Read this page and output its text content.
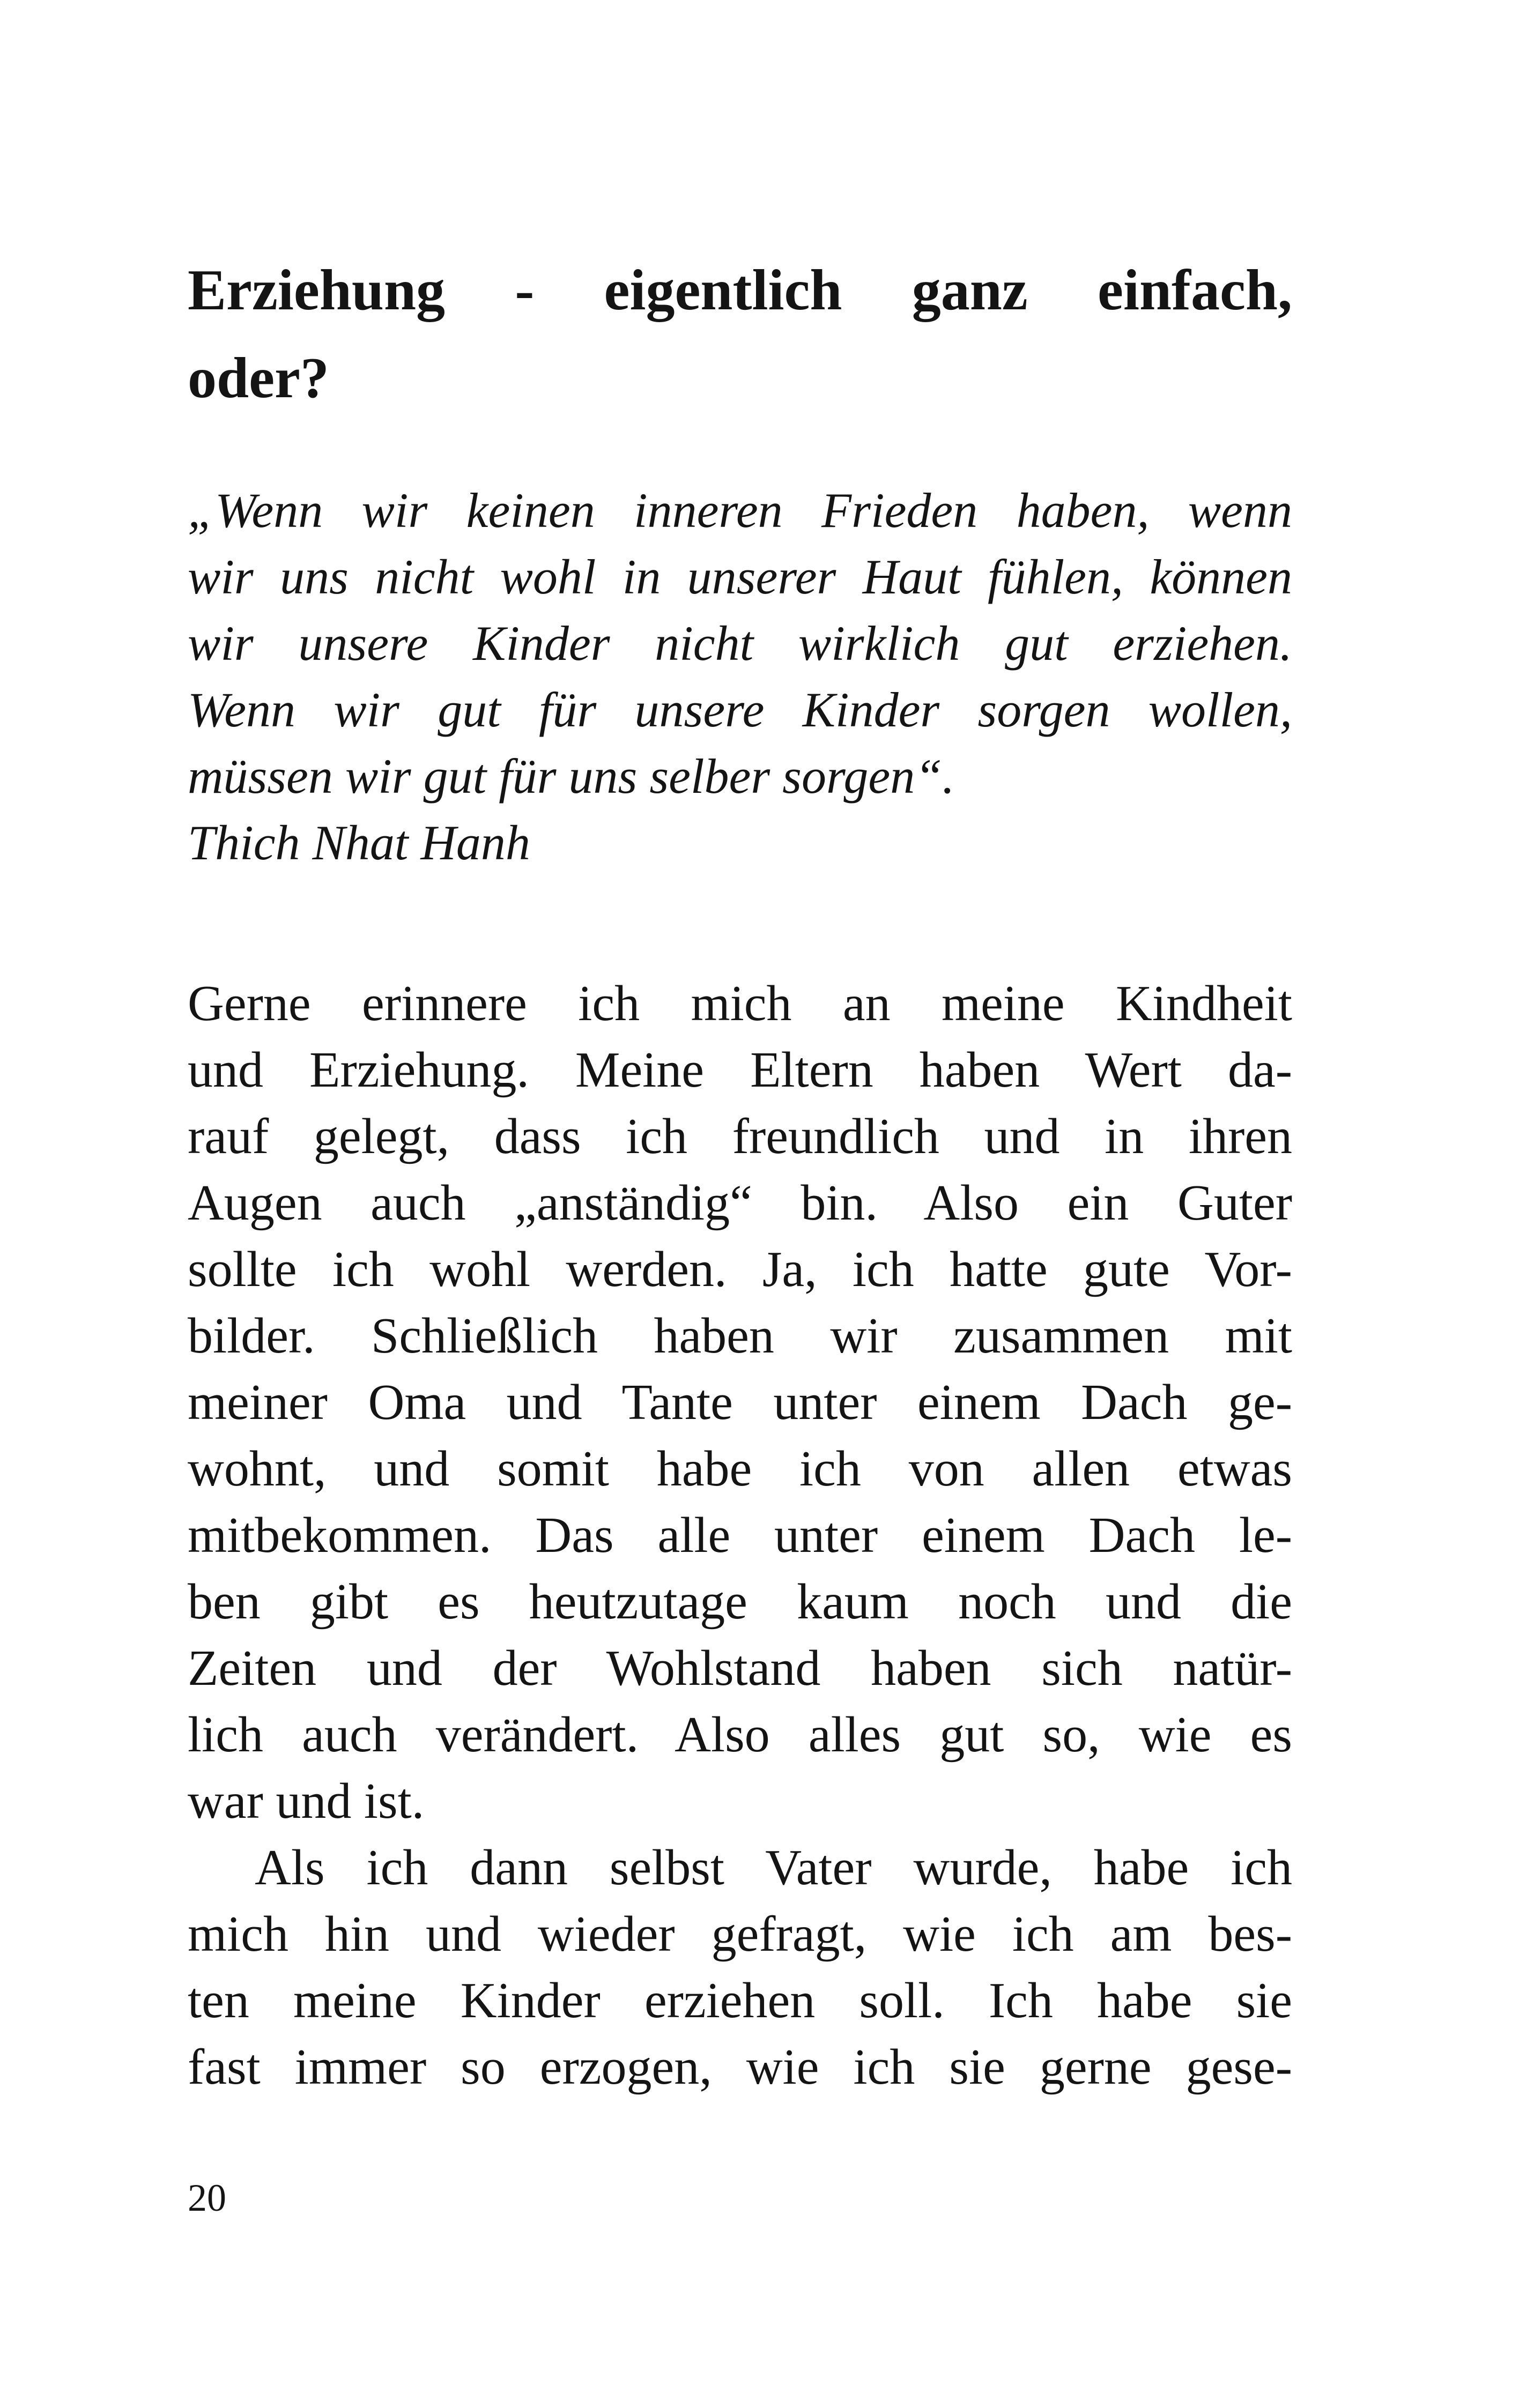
Erziehung - eigentlich ganz einfach,
oder?
„Wenn wir keinen inneren Frieden haben, wenn
wir uns nicht wohl in unserer Haut fühlen, können
wir unsere Kinder nicht wirklich gut erziehen.
Wenn wir gut für unsere Kinder sorgen wollen,
müssen wir gut für uns selber sorgen“.
Thich Nhat Hanh
Gerne erinnere ich mich an meine Kindheit
und Erziehung. Meine Eltern haben Wert da-
rauf gelegt, dass ich freundlich und in ihren
Augen auch „anständig“ bin. Also ein Guter
sollte ich wohl werden. Ja, ich hatte gute Vor-
bilder. Schließlich haben wir zusammen mit
meiner Oma und Tante unter einem Dach ge-
wohnt, und somit habe ich von allen etwas
mitbekommen. Das alle unter einem Dach le-
ben gibt es heutzutage kaum noch und die
Zeiten und der Wohlstand haben sich natür-
lich auch verändert. Also alles gut so, wie es
war und ist.
Als ich dann selbst Vater wurde, habe ich
mich hin und wieder gefragt, wie ich am bes-
ten meine Kinder erziehen soll. Ich habe sie
fast immer so erzogen, wie ich sie gerne gese-
20
